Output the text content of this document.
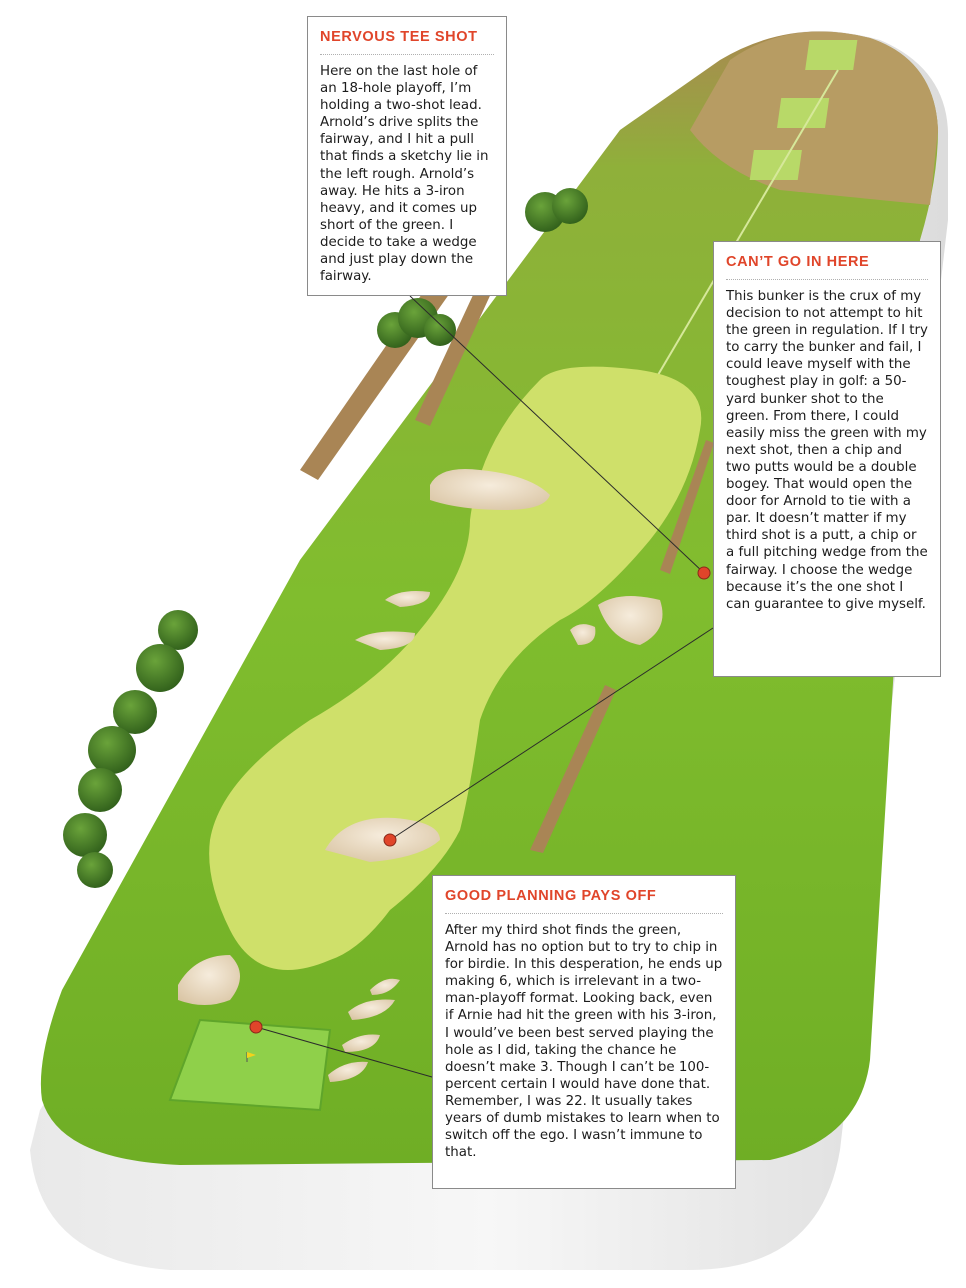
NERVOUS TEE SHOT

Here on the last hole of an 18-hole playoff, I’m holding a two-shot lead. Arnold’s drive splits the fairway, and I hit a pull that finds a sketchy lie in the left rough. Arnold’s away. He hits a 3-iron heavy, and it comes up short of the green. I decide to take a wedge and just play down the fairway.

CAN’T GO IN HERE

This bunker is the crux of my decision to not attempt to hit the green in regulation. If I try to carry the bunker and fail, I could leave myself with the toughest play in golf: a 50-yard bunker shot to the green. From there, I could easily miss the green with my next shot, then a chip and two putts would be a double bogey. That would open the door for Arnold to tie with a par. It doesn’t matter if my third shot is a putt, a chip or a full pitching wedge from the fairway. I choose the wedge because it’s the one shot I can guarantee to give myself.

GOOD PLANNING PAYS OFF

After my third shot finds the green, Arnold has no option but to try to chip in for birdie. In this desperation, he ends up making 6, which is irrelevant in a two-man-playoff format. Looking back, even if Arnie had hit the green with his 3-iron, I would’ve been best served playing the hole as I did, taking the chance he doesn’t make 3. Though I can’t be 100-percent certain I would have done that. Remember, I was 22. It usually takes years of dumb mistakes to learn when to switch off the ego. I wasn’t immune to that.
